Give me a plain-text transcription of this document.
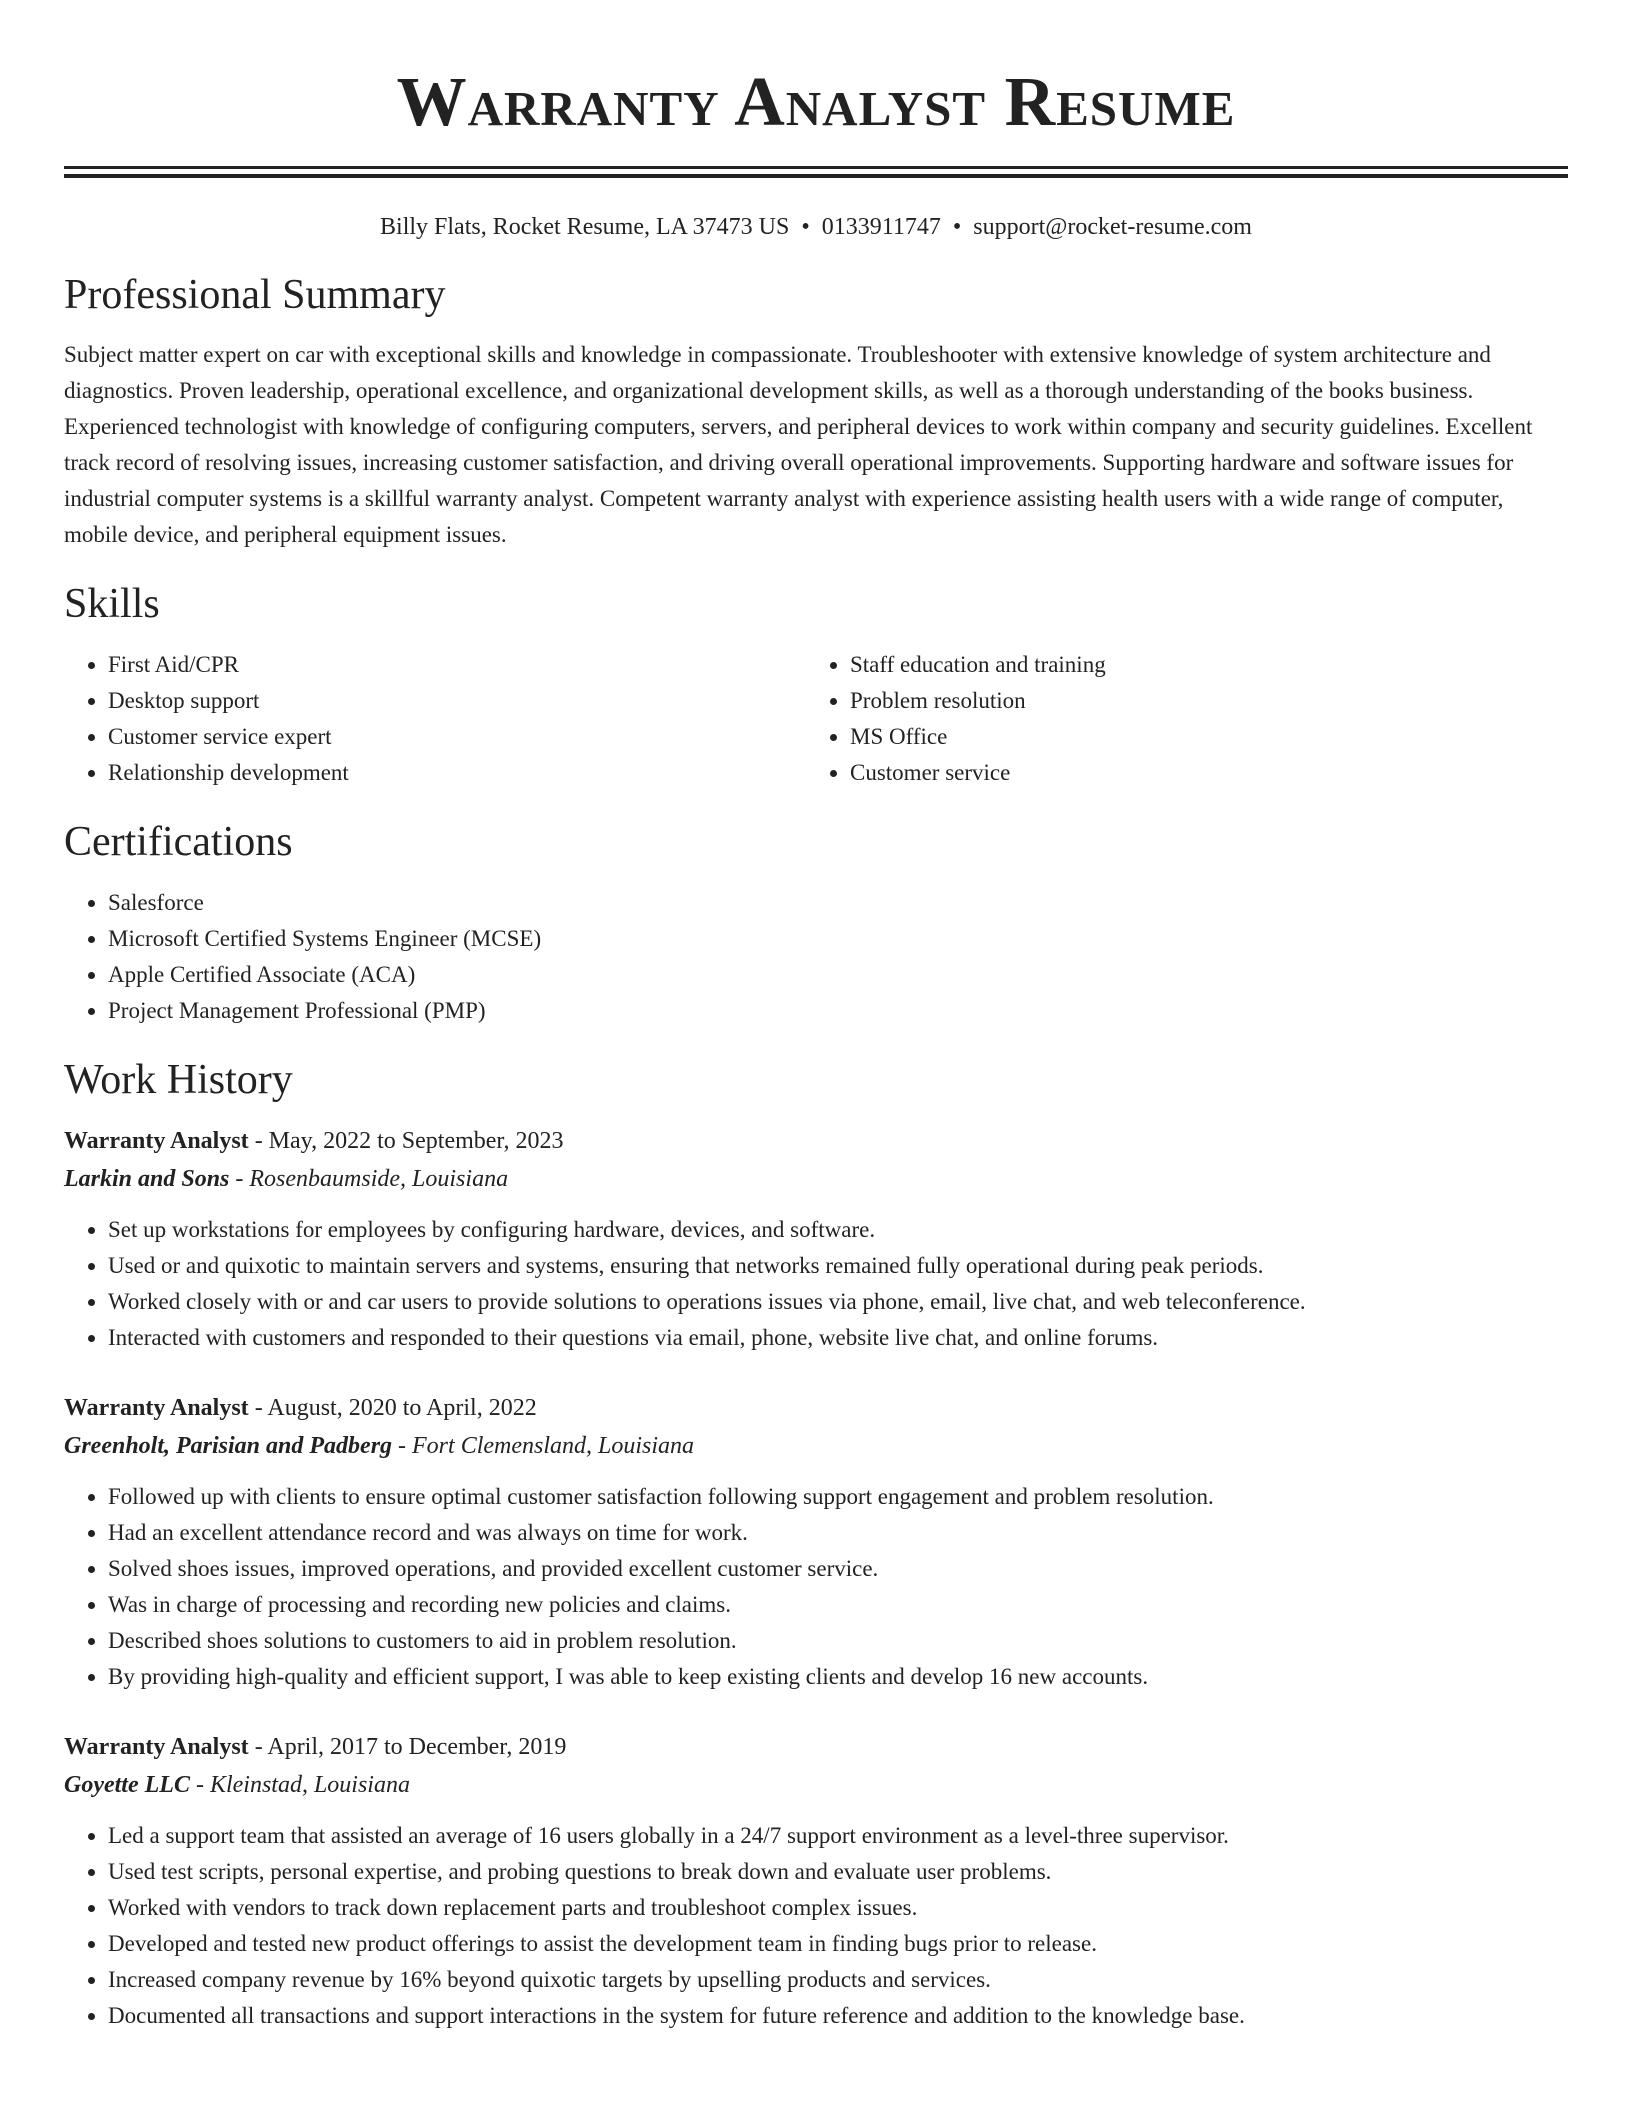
Warranty Analyst Resume
Billy Flats, Rocket Resume, LA 37473 US • 0133911747 • support@rocket-resume.com
Professional Summary
Subject matter expert on car with exceptional skills and knowledge in compassionate. Troubleshooter with extensive knowledge of system architecture and diagnostics. Proven leadership, operational excellence, and organizational development skills, as well as a thorough understanding of the books business. Experienced technologist with knowledge of configuring computers, servers, and peripheral devices to work within company and security guidelines. Excellent track record of resolving issues, increasing customer satisfaction, and driving overall operational improvements. Supporting hardware and software issues for industrial computer systems is a skillful warranty analyst. Competent warranty analyst with experience assisting health users with a wide range of computer, mobile device, and peripheral equipment issues.
Skills
• First Aid/CPR
• Desktop support
• Customer service expert
• Relationship development
• Staff education and training
• Problem resolution
• MS Office
• Customer service
Certifications
• Salesforce
• Microsoft Certified Systems Engineer (MCSE)
• Apple Certified Associate (ACA)
• Project Management Professional (PMP)
Work History
Warranty Analyst - May, 2022 to September, 2023
Larkin and Sons - Rosenbaumside, Louisiana
• Set up workstations for employees by configuring hardware, devices, and software.
• Used or and quixotic to maintain servers and systems, ensuring that networks remained fully operational during peak periods.
• Worked closely with or and car users to provide solutions to operations issues via phone, email, live chat, and web teleconference.
• Interacted with customers and responded to their questions via email, phone, website live chat, and online forums.
Warranty Analyst - August, 2020 to April, 2022
Greenholt, Parisian and Padberg - Fort Clemensland, Louisiana
• Followed up with clients to ensure optimal customer satisfaction following support engagement and problem resolution.
• Had an excellent attendance record and was always on time for work.
• Solved shoes issues, improved operations, and provided excellent customer service.
• Was in charge of processing and recording new policies and claims.
• Described shoes solutions to customers to aid in problem resolution.
• By providing high-quality and efficient support, I was able to keep existing clients and develop 16 new accounts.
Warranty Analyst - April, 2017 to December, 2019
Goyette LLC - Kleinstad, Louisiana
• Led a support team that assisted an average of 16 users globally in a 24/7 support environment as a level-three supervisor.
• Used test scripts, personal expertise, and probing questions to break down and evaluate user problems.
• Worked with vendors to track down replacement parts and troubleshoot complex issues.
• Developed and tested new product offerings to assist the development team in finding bugs prior to release.
• Increased company revenue by 16% beyond quixotic targets by upselling products and services.
• Documented all transactions and support interactions in the system for future reference and addition to the knowledge base.
